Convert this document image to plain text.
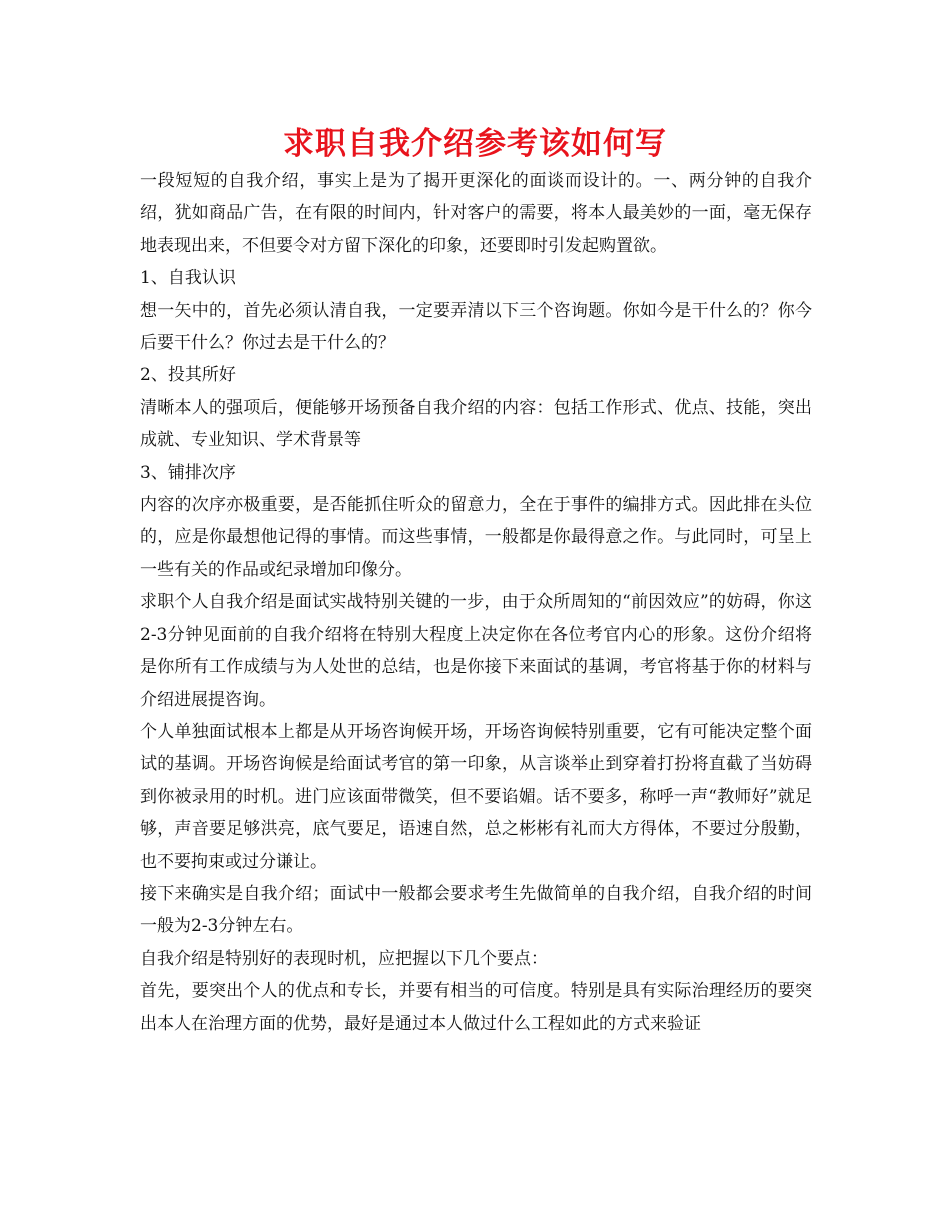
求职自我介绍参考该如何写

一段短短的自我介绍，事实上是为了揭开更深化的面谈而设计的。一、两分钟的自我介绍，犹如商品广告，在有限的时间内，针对客户的需要，将本人最美妙的一面，毫无保存地表现出来，不但要令对方留下深化的印象，还要即时引发起购置欲。

1、自我认识

想一矢中的，首先必须认清自我，一定要弄清以下三个咨询题。你如今是干什么的？你今后要干什么？你过去是干什么的？

2、投其所好

清晰本人的强项后，便能够开场预备自我介绍的内容：包括工作形式、优点、技能，突出成就、专业知识、学术背景等

3、铺排次序

内容的次序亦极重要，是否能抓住听众的留意力，全在于事件的编排方式。因此排在头位的，应是你最想他记得的事情。而这些事情，一般都是你最得意之作。与此同时，可呈上一些有关的作品或纪录增加印像分。

求职个人自我介绍是面试实战特别关键的一步，由于众所周知的“前因效应”的妨碍，你这2-3分钟见面前的自我介绍将在特别大程度上决定你在各位考官内心的形象。这份介绍将是你所有工作成绩与为人处世的总结，也是你接下来面试的基调，考官将基于你的材料与介绍进展提咨询。

个人单独面试根本上都是从开场咨询候开场，开场咨询候特别重要，它有可能决定整个面试的基调。开场咨询候是给面试考官的第一印象，从言谈举止到穿着打扮将直截了当妨碍到你被录用的时机。进门应该面带微笑，但不要谄媚。话不要多，称呼一声“教师好”就足够，声音要足够洪亮，底气要足，语速自然，总之彬彬有礼而大方得体，不要过分殷勤，也不要拘束或过分谦让。

接下来确实是自我介绍；面试中一般都会要求考生先做简单的自我介绍，自我介绍的时间一般为2-3分钟左右。

自我介绍是特别好的表现时机，应把握以下几个要点：

首先，要突出个人的优点和专长，并要有相当的可信度。特别是具有实际治理经历的要突出本人在治理方面的优势，最好是通过本人做过什么工程如此的方式来验证
